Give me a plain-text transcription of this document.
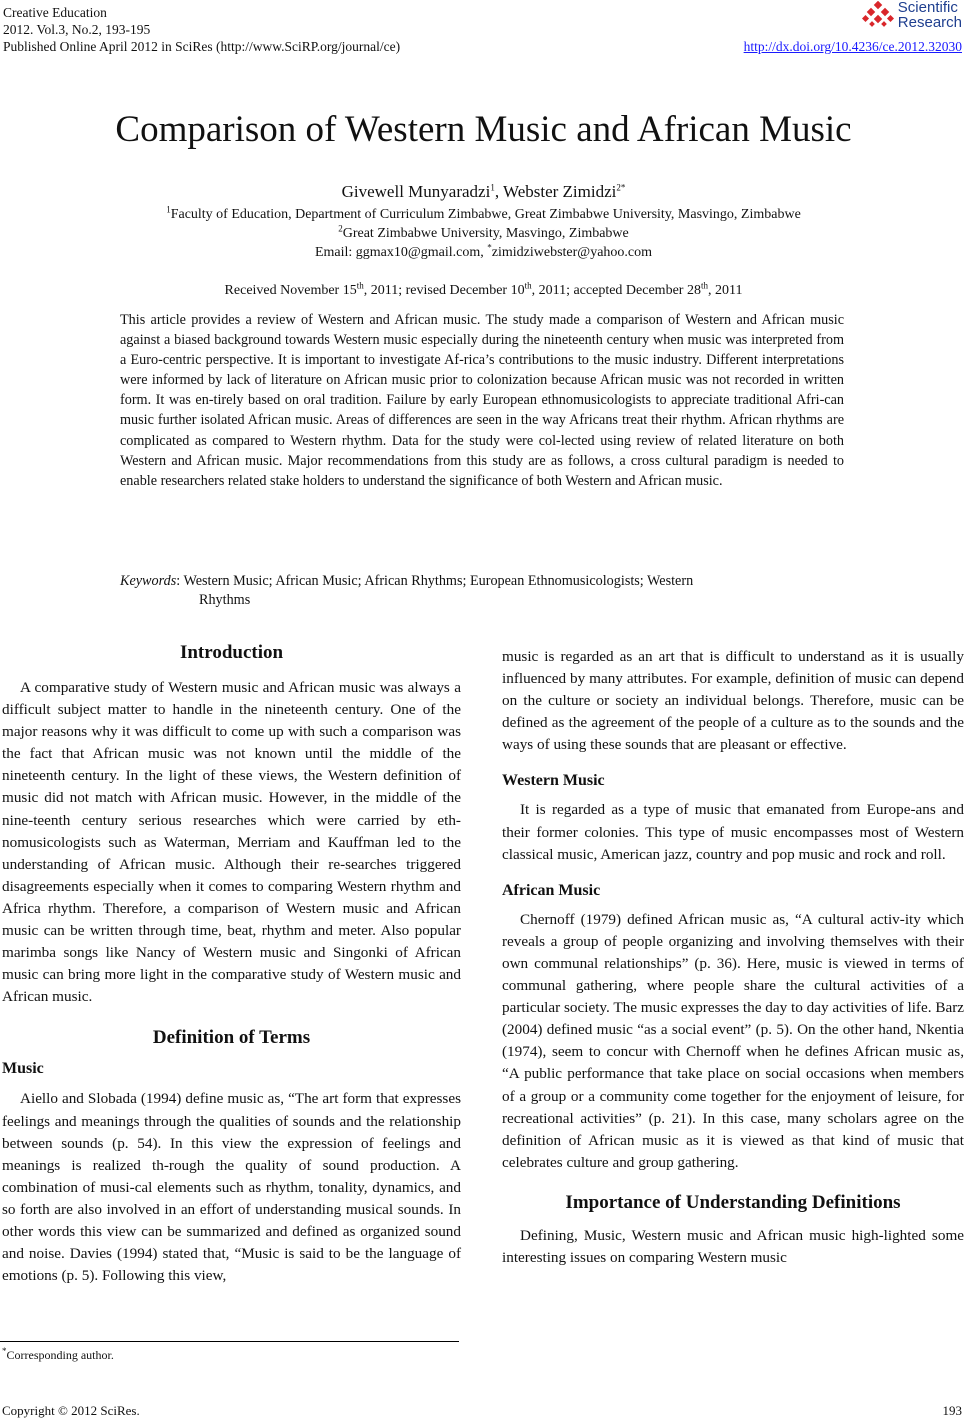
Creative Education
2012. Vol.3, No.2, 193-195
Published Online April 2012 in SciRes (http://www.SciRP.org/journal/ce)
Scientific
Research
http://dx.doi.org/10.4236/ce.2012.32030
Comparison of Western Music and African Music
Givewell Munyaradzi$^1$, Webster Zimidzi$^{2*}$
$^1$Faculty of Education, Department of Curriculum Zimbabwe, Great Zimbabwe University, Masvingo, Zimbabwe
$^2$Great Zimbabwe University, Masvingo, Zimbabwe
Email: ggmax10@gmail.com, *zimidziwebster@yahoo.com
Received November 15th, 2011; revised December 10th, 2011; accepted December 28th, 2011
This article provides a review of Western and African music. The study made a comparison of Western and African music against a biased background towards Western music especially during the nineteenth century when music was interpreted from a Euro-centric perspective. It is important to investigate Af-rica’s contributions to the music industry. Different interpretations were informed by lack of literature on African music prior to colonization because African music was not recorded in written form. It was en-tirely based on oral tradition. Failure by early European ethnomusicologists to appreciate traditional Afri-can music further isolated African music. Areas of differences are seen in the way Africans treat their rhythm. African rhythms are complicated as compared to Western rhythm. Data for the study were col-lected using review of related literature on both Western and African music. Major recommendations from this study are as follows, a cross cultural paradigm is needed to enable researchers related stake holders to understand the significance of both Western and African music.
Keywords: Western Music; African Music; African Rhythms; European Ethnomusicologists; Western
Rhythms
Introduction

A comparative study of Western music and African music was always a difficult subject matter to handle in the nineteenth century. One of the major reasons why it was difficult to come up with such a comparison was the fact that African music was not known until the middle of the nineteenth century. In the light of these views, the Western definition of music did not match with African music. However, in the middle of the nine-teenth century serious researches which were carried by eth-nomusicologists such as Waterman, Merriam and Kauffman led to the understanding of African music. Although their re-searches triggered disagreements especially when it comes to comparing Western rhythm and Africa rhythm. Therefore, a comparison of Western music and African music can be written through time, beat, rhythm and meter. Also popular marimba songs like Nancy of Western music and Singonki of African music can bring more light in the comparative study of Western music and African music.

Definition of Terms
Music

Aiello and Slobada (1994) define music as, “The art form that expresses feelings and meanings through the qualities of sounds and the relationship between sounds (p. 54). In this view the expression of feelings and meanings is realized th-rough the quality of sound production. A combination of musi-cal elements such as rhythm, tonality, dynamics, and so forth are also involved in an effort of understanding musical sounds. In other words this view can be summarized and defined as organized sound and noise. Davies (1994) stated that, “Music is said to be the language of emotions (p. 5). Following this view,

music is regarded as an art that is difficult to understand as it is usually influenced by many attributes. For example, definition of music can depend on the culture or society an individual belongs. Therefore, music can be defined as the agreement of the people of a culture as to the sounds and the ways of using these sounds that are pleasant or effective.

Western Music

It is regarded as a type of music that emanated from Europe-ans and their former colonies. This type of music encompasses most of Western classical music, American jazz, country and pop music and rock and roll.

African Music

Chernoff (1979) defined African music as, “A cultural activ-ity which reveals a group of people organizing and involving themselves with their own communal relationships” (p. 36). Here, music is viewed in terms of communal gathering, where people share the cultural activities of a particular society. The music expresses the day to day activities of life. Barz (2004) defined music “as a social event” (p. 5). On the other hand, Nkentia (1974), seem to concur with Chernoff when he defines African music as, “A public performance that take place on social occasions when members of a group or a community come together for the enjoyment of leisure, for recreational activities” (p. 21). In this case, many scholars agree on the definition of African music as it is viewed as that kind of music that celebrates culture and group gathering.

Importance of Understanding Definitions

Defining, Music, Western music and African music high-lighted some interesting issues on comparing Western music

*Corresponding author.
Copyright © 2012 SciRes.	193
